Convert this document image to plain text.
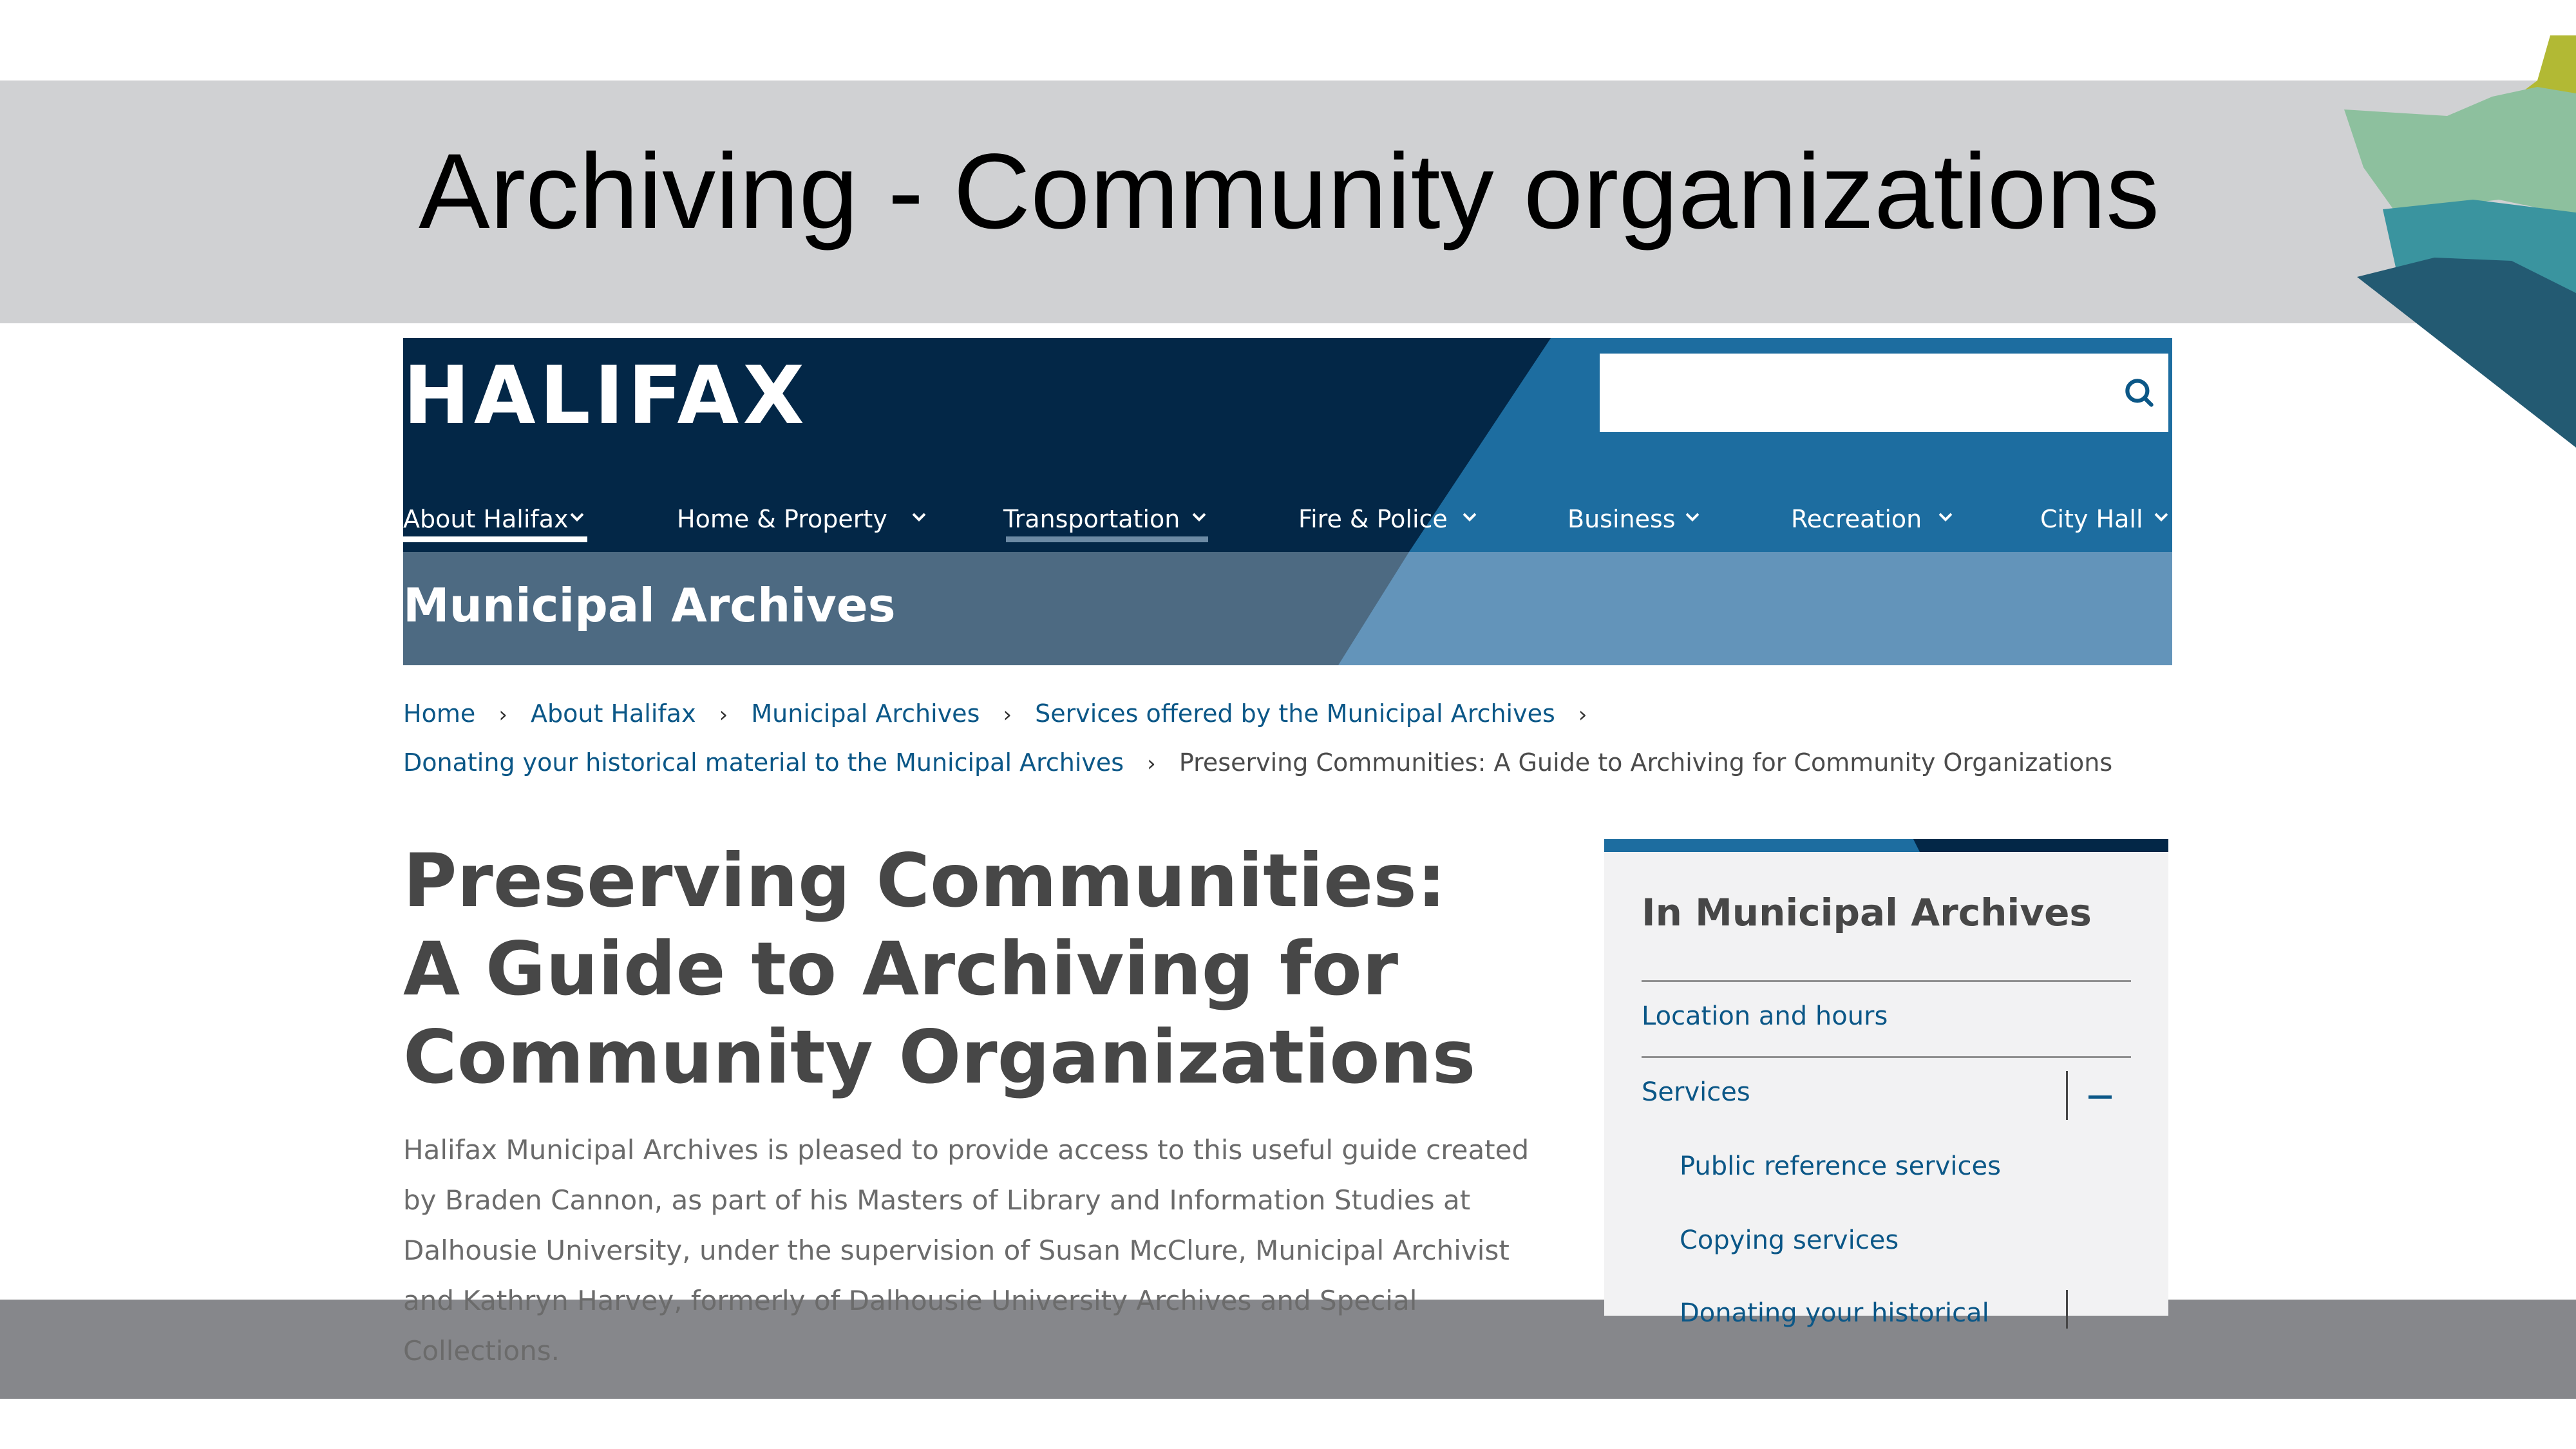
Archiving - Community organizations
HALIFAX
About Halifax	Home & Property	Transportation	Fire & Police	Business	Recreation	City Hall
Municipal Archives
Home › About Halifax › Municipal Archives › Services offered by the Municipal Archives ›
Donating your historical material to the Municipal Archives › Preserving Communities: A Guide to Archiving for Community Organizations
Preserving Communities: A Guide to Archiving for Community Organizations

Halifax Municipal Archives is pleased to provide access to this useful guide created by Braden Cannon, as part of his Masters of Library and Information Studies at Dalhousie University, under the supervision of Susan McClure, Municipal Archivist and Kathryn Harvey, formerly of Dalhousie University Archives and Special Collections.

In Municipal Archives
Location and hours
Services
Public reference services
Copying services
Donating your historical
